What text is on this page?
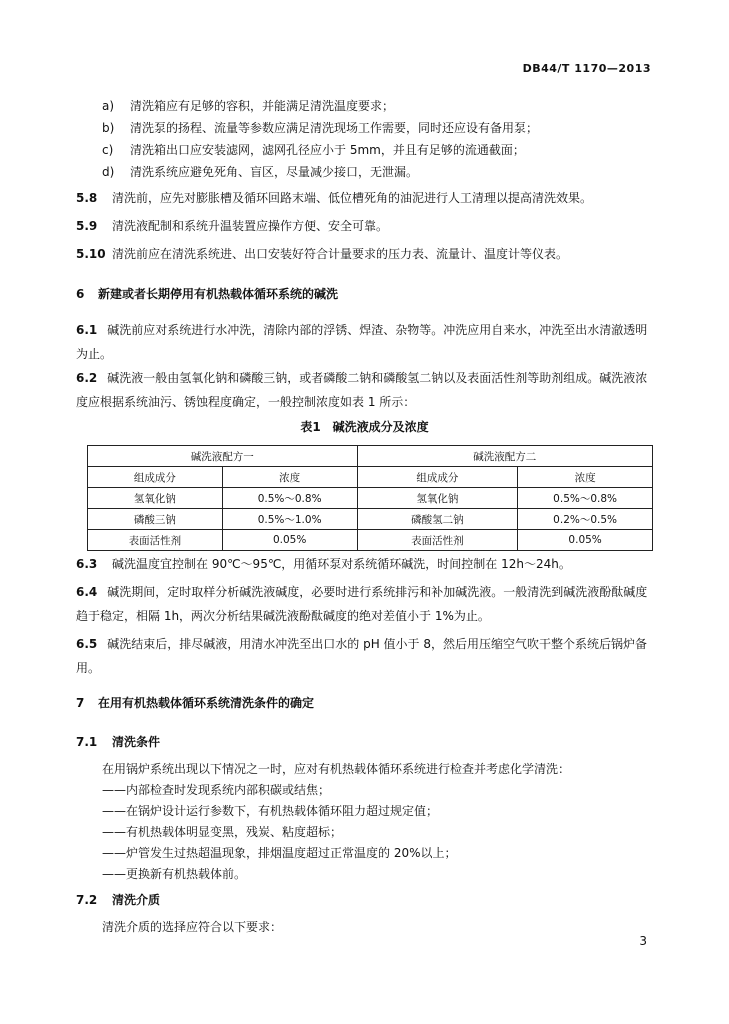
DB44/T 1170—2013
a) 清洗箱应有足够的容积，并能满足清洗温度要求；
b) 清洗泵的扬程、流量等参数应满足清洗现场工作需要，同时还应设有备用泵；
c) 清洗箱出口应安装滤网，滤网孔径应小于 5mm，并且有足够的流通截面；
d) 清洗系统应避免死角、盲区，尽量减少接口，无泄漏。
5.8 清洗前，应先对膨胀槽及循环回路末端、低位槽死角的油泥进行人工清理以提高清洗效果。
5.9 清洗液配制和系统升温装置应操作方便、安全可靠。
5.10 清洗前应在清洗系统进、出口安装好符合计量要求的压力表、流量计、温度计等仪表。
6 新建或者长期停用有机热载体循环系统的碱洗
6.1 碱洗前应对系统进行水冲洗，清除内部的浮锈、焊渣、杂物等。冲洗应用自来水，冲洗至出水清澈透明为止。
6.2 碱洗液一般由氢氧化钠和磷酸三钠，或者磷酸二钠和磷酸氢二钠以及表面活性剂等助剂组成。碱洗液浓度应根据系统油污、锈蚀程度确定，一般控制浓度如表 1 所示：
表1　碱洗液成分及浓度
碱洗液配方一		碱洗液配方二	
组成成分	浓度	组成成分	浓度
氢氧化钠	0.5%～0.8%	氢氧化钠	0.5%～0.8%
磷酸三钠	0.5%～1.0%	磷酸氢二钠	0.2%～0.5%
表面活性剂	0.05%	表面活性剂	0.05%
6.3 碱洗温度宜控制在 90℃～95℃，用循环泵对系统循环碱洗，时间控制在 12h～24h。
6.4 碱洗期间，定时取样分析碱洗液碱度，必要时进行系统排污和补加碱洗液。一般清洗到碱洗液酚酞碱度趋于稳定，相隔 1h，两次分析结果碱洗液酚酞碱度的绝对差值小于 1%为止。
6.5 碱洗结束后，排尽碱液，用清水冲洗至出口水的 pH 值小于 8，然后用压缩空气吹干整个系统后锅炉备用。
7 在用有机热载体循环系统清洗条件的确定
7.1 清洗条件
在用锅炉系统出现以下情况之一时，应对有机热载体循环系统进行检查并考虑化学清洗：
——内部检查时发现系统内部积碳或结焦；
——在锅炉设计运行参数下，有机热载体循环阻力超过规定值；
——有机热载体明显变黑，残炭、粘度超标；
——炉管发生过热超温现象，排烟温度超过正常温度的 20%以上；
——更换新有机热载体前。
7.2 清洗介质
清洗介质的选择应符合以下要求：
3
